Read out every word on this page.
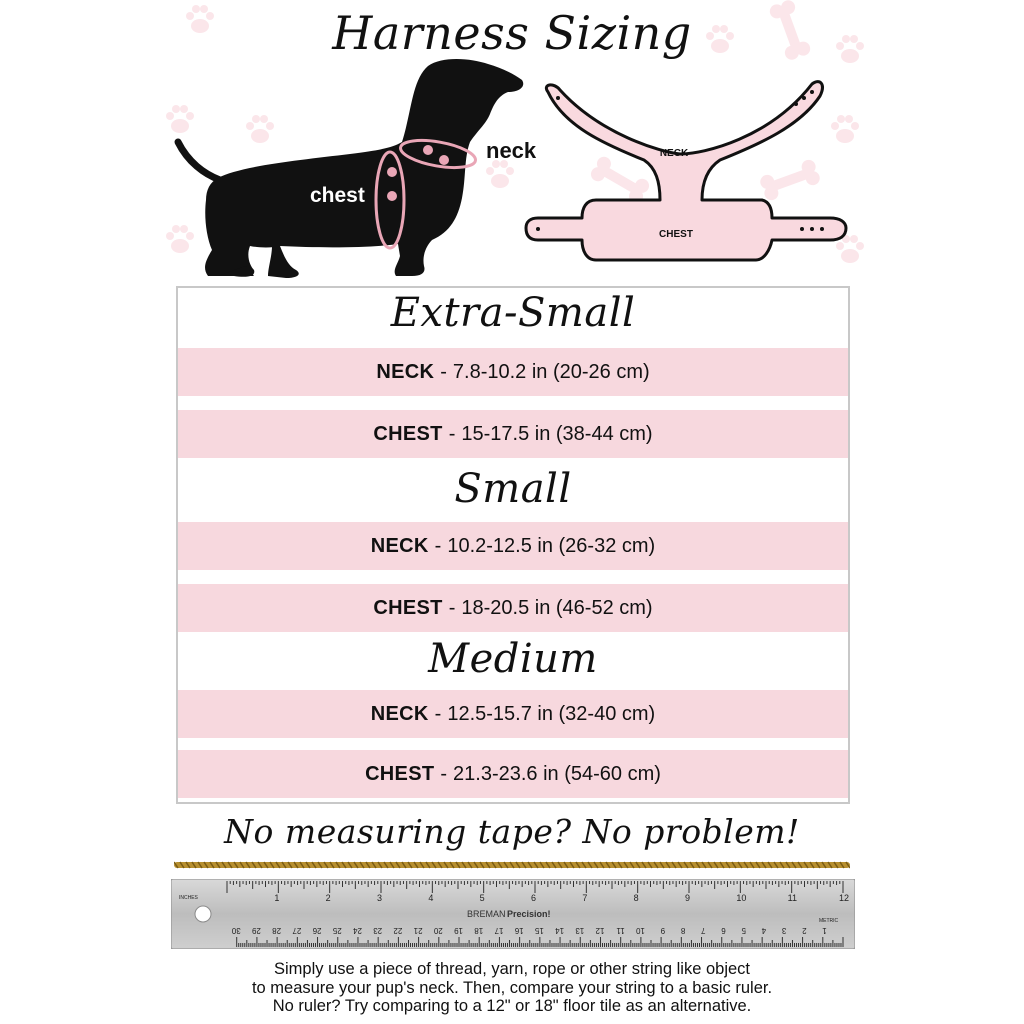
Harness Sizing
chest
neck	NECK
CHEST
Extra-Small
NECK - 7.8-10.2 in (20-26 cm)
CHEST - 15-17.5 in (38-44 cm)
Small
NECK - 10.2-12.5 in (26-32 cm)
CHEST - 18-20.5 in (46-52 cm)
Medium
NECK - 12.5-15.7 in (32-40 cm)
CHEST - 21.3-23.6 in (54-60 cm)
No measuring tape? No problem!
1	2	3	4	5	6	7	8	9	10	11	12
1
2
3
4
5
6
7
8
9
10
11
12
13
14
15
16
17
18
19
20
21
22
23
24
25
26
27
28
29
30
INCHES
METRIC
BREMAN Precision!
Simply use a piece of thread, yarn, rope or other string like object
to measure your pup's neck. Then, compare your string to a basic ruler.
No ruler? Try comparing to a 12" or 18" floor tile as an alternative.
